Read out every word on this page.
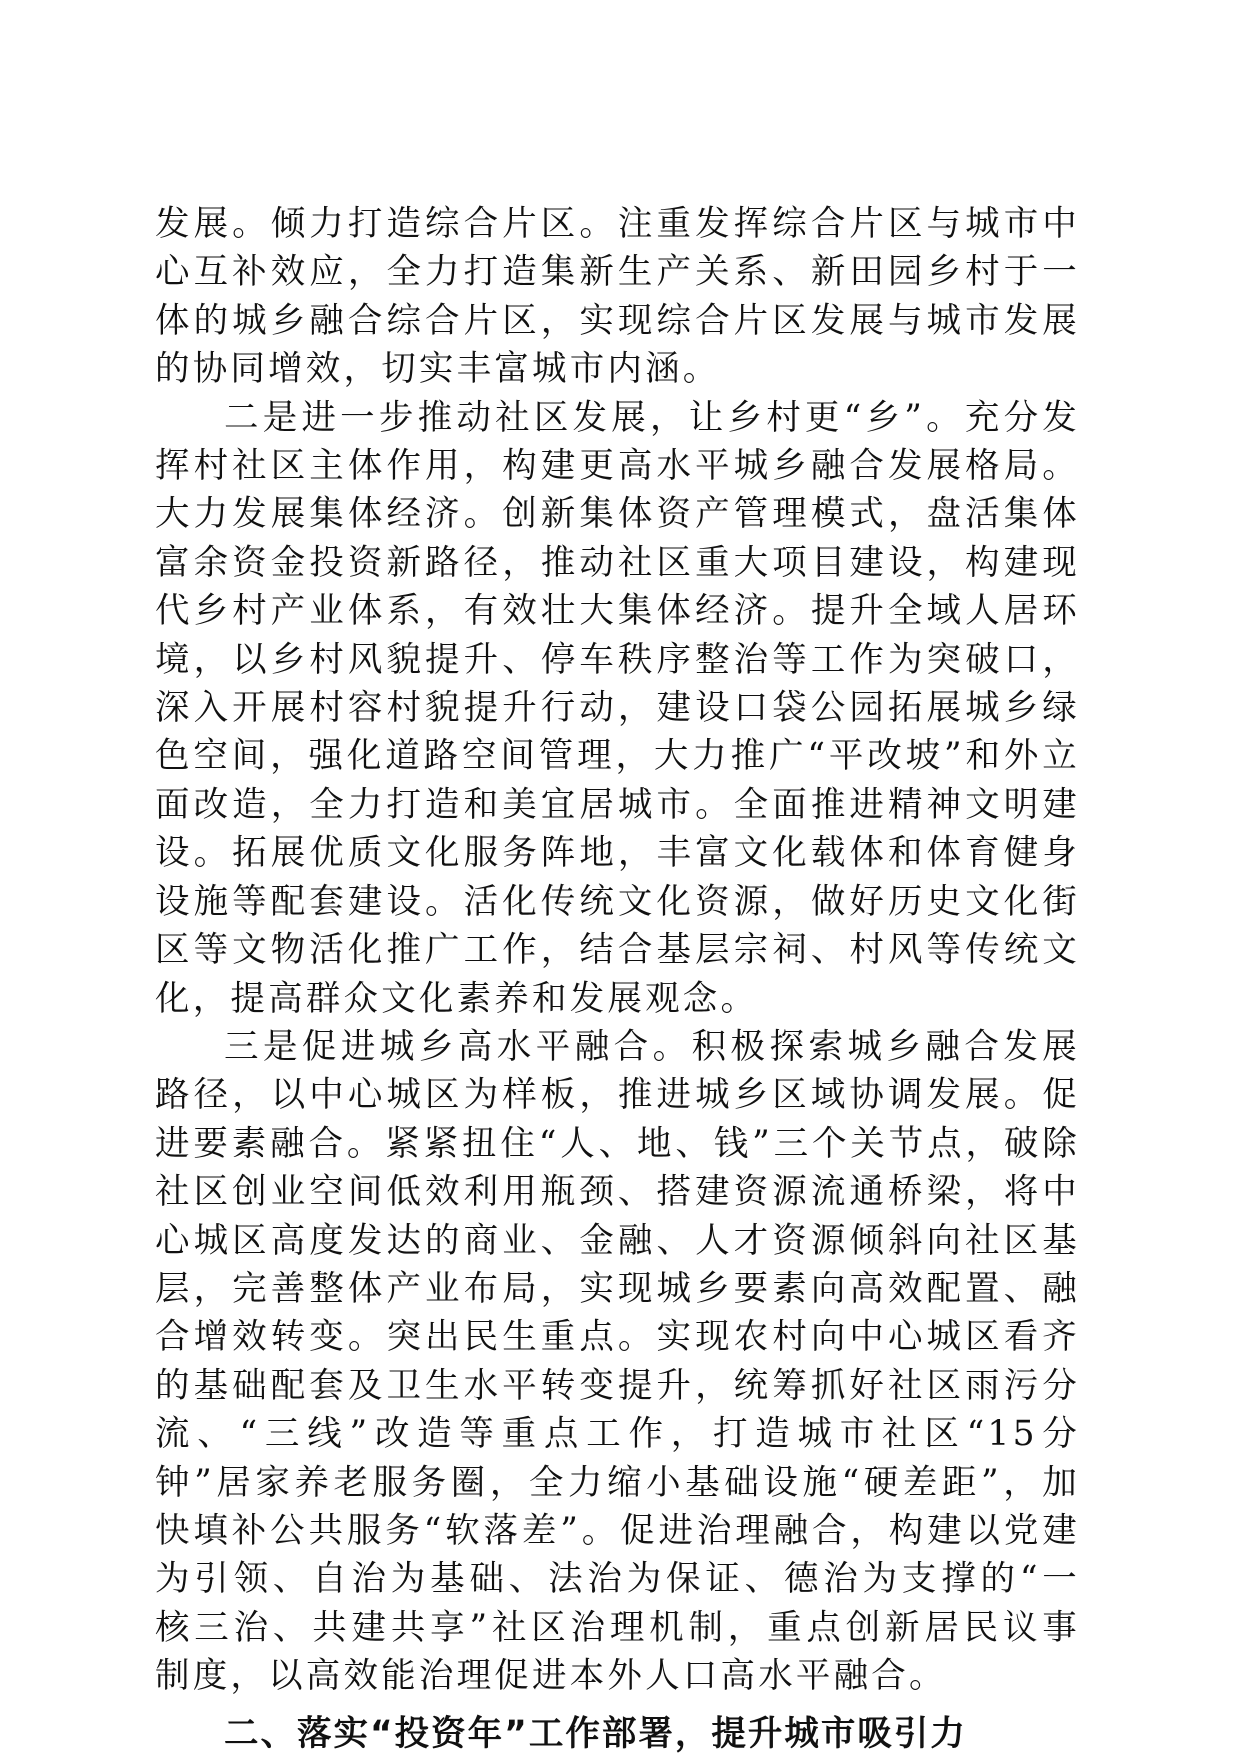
发展。倾力打造综合片区。注重发挥综合片区与城市中心互补效应，全力打造集新生产关系、新田园乡村于一体的城乡融合综合片区，实现综合片区发展与城市发展的协同增效，切实丰富城市内涵。

二是进一步推动社区发展，让乡村更“乡”。充分发挥村社区主体作用，构建更高水平城乡融合发展格局。大力发展集体经济。创新集体资产管理模式，盘活集体富余资金投资新路径，推动社区重大项目建设，构建现代乡村产业体系，有效壮大集体经济。提升全域人居环境，以乡村风貌提升、停车秩序整治等工作为突破口，深入开展村容村貌提升行动，建设口袋公园拓展城乡绿色空间，强化道路空间管理，大力推广“平改坡”和外立面改造，全力打造和美宜居城市。全面推进精神文明建设。拓展优质文化服务阵地，丰富文化载体和体育健身设施等配套建设。活化传统文化资源，做好历史文化街区等文物活化推广工作，结合基层宗祠、村风等传统文化，提高群众文化素养和发展观念。

三是促进城乡高水平融合。积极探索城乡融合发展路径，以中心城区为样板，推进城乡区域协调发展。促进要素融合。紧紧扭住“人、地、钱”三个关节点，破除社区创业空间低效利用瓶颈、搭建资源流通桥梁，将中心城区高度发达的商业、金融、人才资源倾斜向社区基层，完善整体产业布局，实现城乡要素向高效配置、融合增效转变。突出民生重点。实现农村向中心城区看齐的基础配套及卫生水平转变提升，统筹抓好社区雨污分流、“三线”改造等重点工作，打造城市社区“15分钟”居家养老服务圈，全力缩小基础设施“硬差距”，加快填补公共服务“软落差”。促进治理融合，构建以党建为引领、自治为基础、法治为保证、德治为支撑的“一核三治、共建共享”社区治理机制，重点创新居民议事制度，以高效能治理促进本外人口高水平融合。

二、落实“投资年”工作部署，提升城市吸引力
